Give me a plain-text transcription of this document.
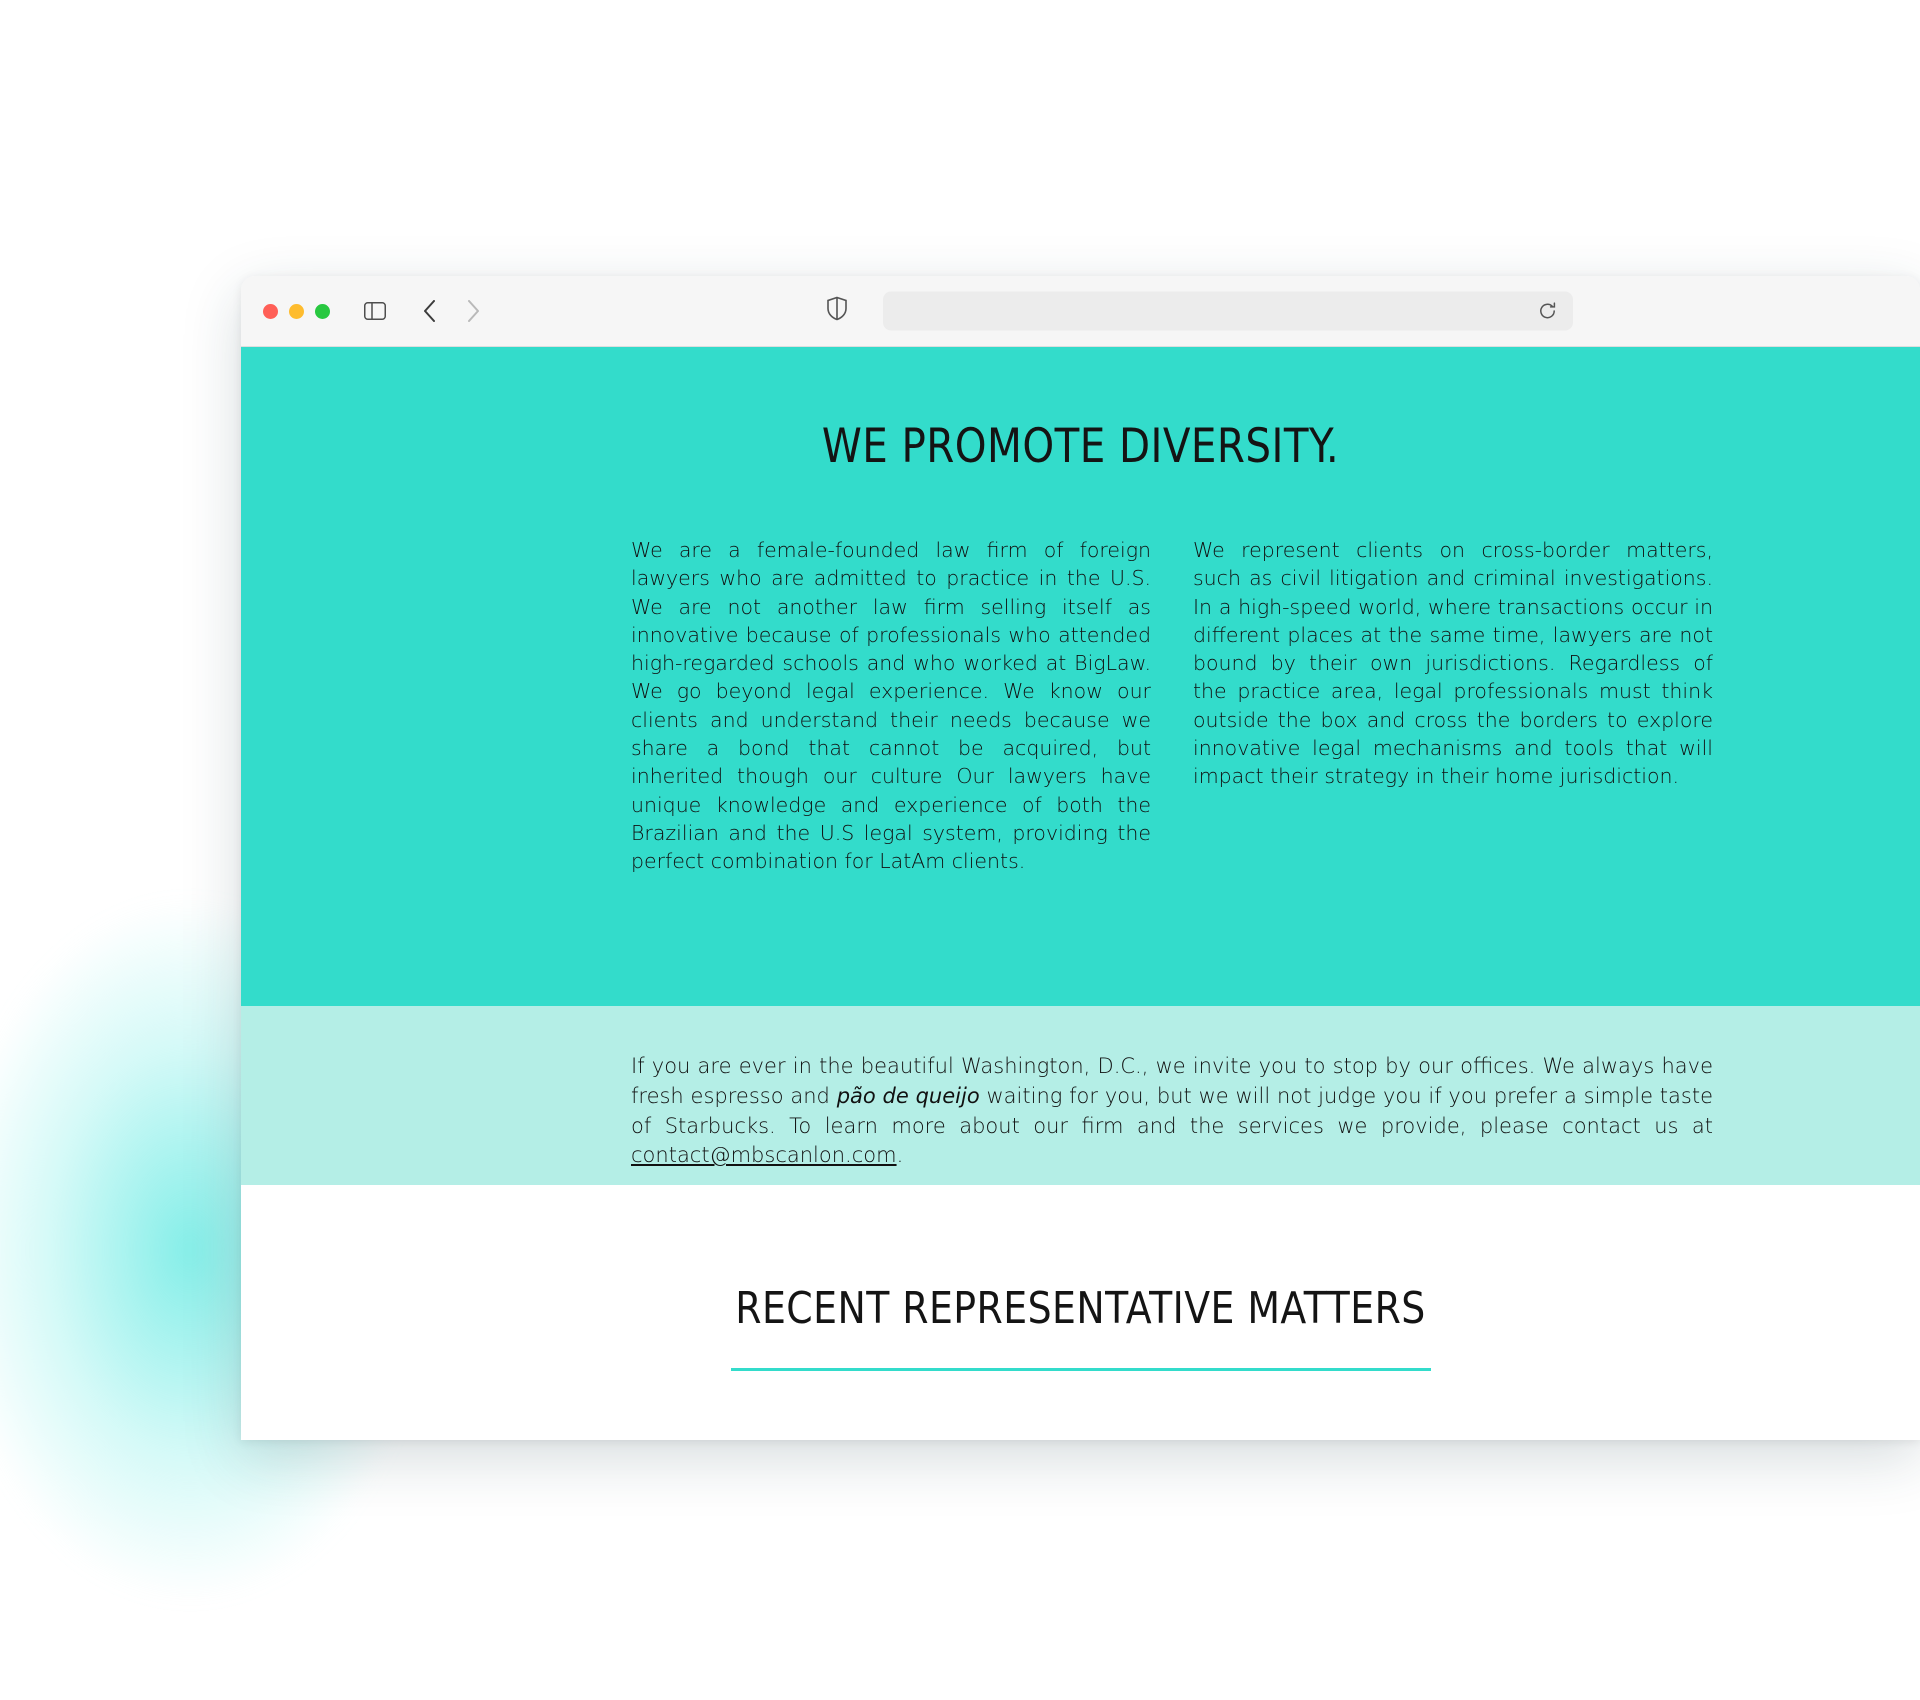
WE PROMOTE DIVERSITY.
We are a female-founded law firm of foreign lawyers who are admitted to practice in the U.S. We are not another law firm selling itself as innovative because of professionals who attended high-regarded schools and who worked at BigLaw. We go beyond legal experience. We know our clients and understand their needs because we share a bond that cannot be acquired, but inherited though our culture Our lawyers have unique knowledge and experience of both the Brazilian and the U.S legal system, providing the perfect combination for LatAm clients.
We represent clients on cross-border matters, such as civil litigation and criminal investigations. In a high-speed world, where transactions occur in different places at the same time, lawyers are not bound by their own jurisdictions. Regardless of the practice area, legal professionals must think outside the box and cross the borders to explore innovative legal mechanisms and tools that will impact their strategy in their home jurisdiction.

If you are ever in the beautiful Washington, D.C., we invite you to stop by our offices. We always have fresh espresso and pão de queijo waiting for you, but we will not judge you if you prefer a simple taste of Starbucks. To learn more about our firm and the services we provide, please contact us at contact@mbscanlon.com.

RECENT REPRESENTATIVE MATTERS
